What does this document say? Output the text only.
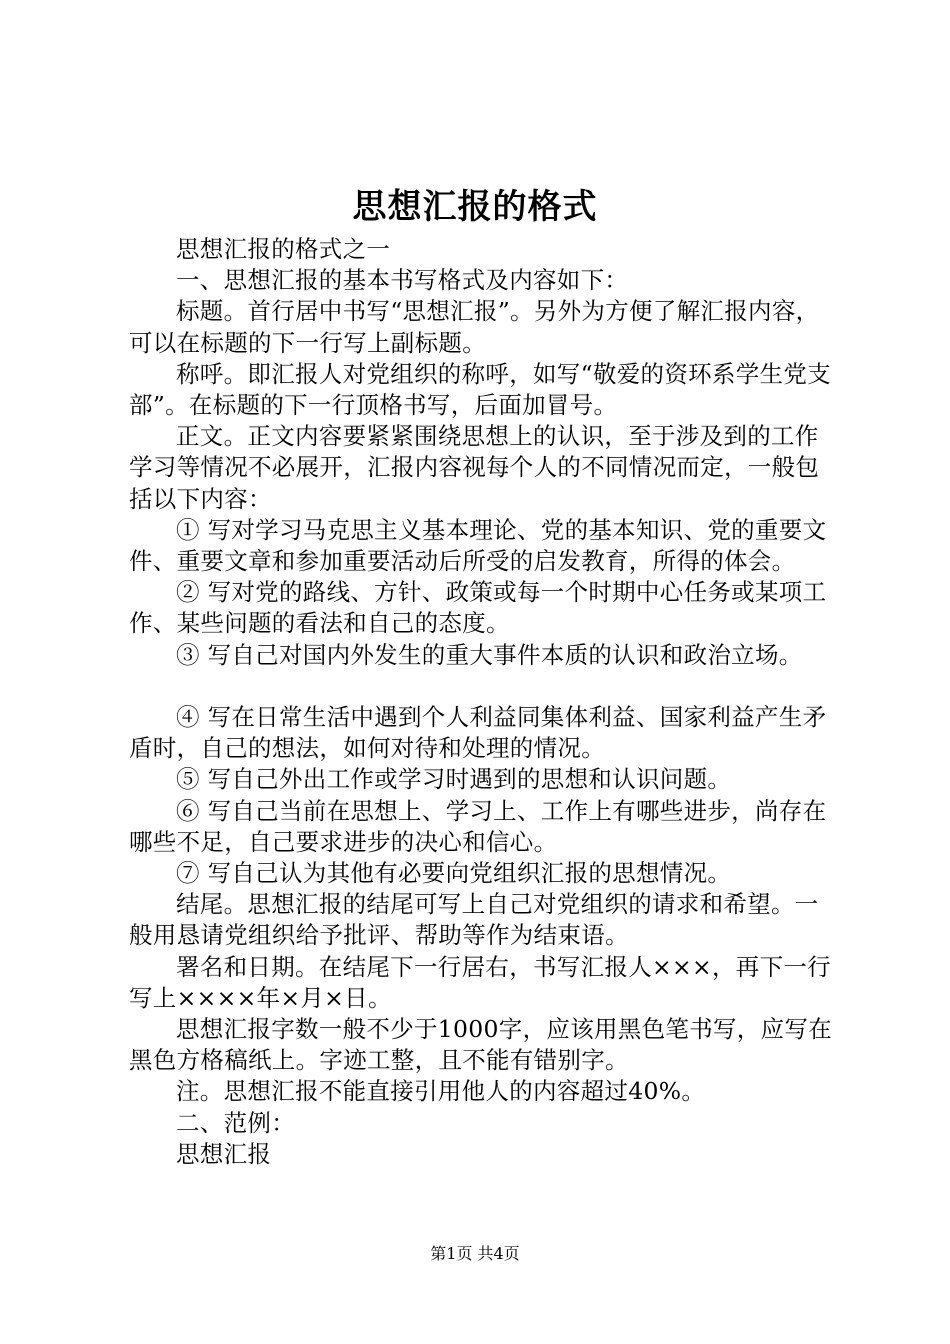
思想汇报的格式

思想汇报的格式之一

一、思想汇报的基本书写格式及内容如下：

标题。首行居中书写“思想汇报”。另外为方便了解汇报内容，可以在标题的下一行写上副标题。

称呼。即汇报人对党组织的称呼，如写“敬爱的资环系学生党支部”。在标题的下一行顶格书写，后面加冒号。

正文。正文内容要紧紧围绕思想上的认识，至于涉及到的工作学习等情况不必展开，汇报内容视每个人的不同情况而定，一般包括以下内容：

① 写对学习马克思主义基本理论、党的基本知识、党的重要文件、重要文章和参加重要活动后所受的启发教育，所得的体会。

② 写对党的路线、方针、政策或每一个时期中心任务或某项工作、某些问题的看法和自己的态度。

③ 写自己对国内外发生的重大事件本质的认识和政治立场。

④ 写在日常生活中遇到个人利益同集体利益、国家利益产生矛盾时，自己的想法，如何对待和处理的情况。

⑤ 写自己外出工作或学习时遇到的思想和认识问题。

⑥ 写自己当前在思想上、学习上、工作上有哪些进步，尚存在哪些不足，自己要求进步的决心和信心。

⑦ 写自己认为其他有必要向党组织汇报的思想情况。

结尾。思想汇报的结尾可写上自己对党组织的请求和希望。一般用恳请党组织给予批评、帮助等作为结束语。

署名和日期。在结尾下一行居右，书写汇报人×××，再下一行写上××××年×月×日。

思想汇报字数一般不少于1000字，应该用黑色笔书写，应写在黑色方格稿纸上。字迹工整，且不能有错别字。

注。思想汇报不能直接引用他人的内容超过40%。

二、范例：

思想汇报

第1页 共4页
